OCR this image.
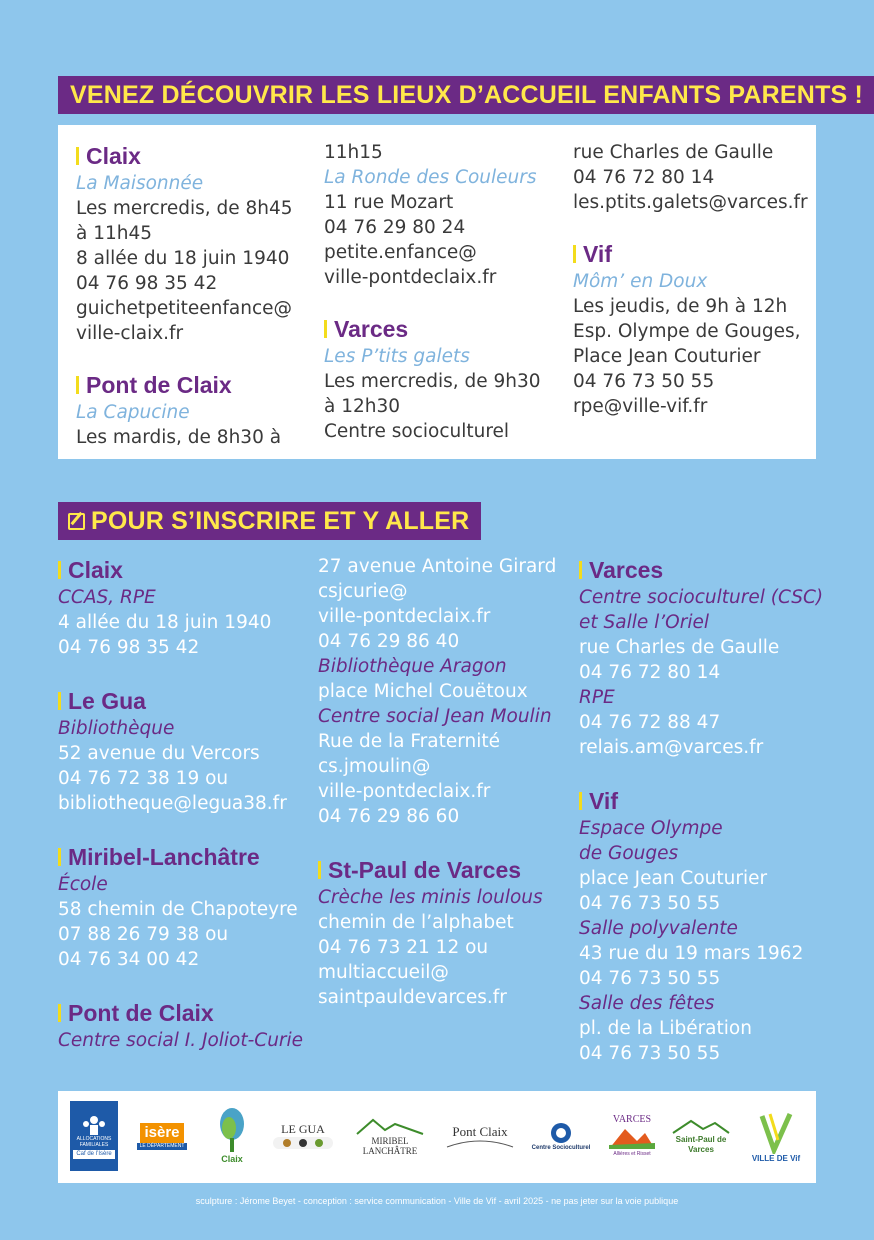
VENEZ DÉCOUVRIR LES LIEUX D’ACCUEIL ENFANTS PARENTS !
Claix
La Maisonnée
Les mercredis, de 8h45
à 11h45
8 allée du 18 juin 1940
04 76 98 35 42
guichetpetiteenfance@
ville-claix.fr
Pont de Claix
La Capucine
Les mardis, de 8h30 à
11h15
La Ronde des Couleurs
11 rue Mozart
04 76 29 80 24
petite.enfance@
ville-pontdeclaix.fr
Varces
Les P’tits galets
Les mercredis, de 9h30
à 12h30
Centre socioculturel
rue Charles de Gaulle
04 76 72 80 14
les.ptits.galets@varces.fr
Vif
Môm’ en Doux
Les jeudis, de 9h à 12h
Esp. Olympe de Gouges,
Place Jean Couturier
04 76 73 50 55
rpe@ville-vif.fr
POUR S’INSCRIRE ET Y ALLER
Claix
CCAS, RPE
4 allée du 18 juin 1940
04 76 98 35 42
Le Gua
Bibliothèque
52 avenue du Vercors
04 76 72 38 19 ou
bibliotheque@legua38.fr
Miribel-Lanchâtre
École
58 chemin de Chapoteyre
07 88 26 79 38 ou
04 76 34 00 42
Pont de Claix
Centre social I. Joliot-Curie
27 avenue Antoine Girard
csjcurie@
ville-pontdeclaix.fr
04 76 29 86 40
Bibliothèque Aragon
place Michel Couëtoux
Centre social Jean Moulin
Rue de la Fraternité
cs.jmoulin@
ville-pontdeclaix.fr
04 76 29 86 60
St-Paul de Varces
Crèche les minis loulous
chemin de l’alphabet
04 76 73 21 12 ou
multiaccueil@
saintpauldevarces.fr
Varces
Centre socioculturel (CSC)
et Salle l’Oriel
rue Charles de Gaulle
04 76 72 80 14
RPE
04 76 72 88 47
relais.am@varces.fr
Vif
Espace Olympe
de Gouges
place Jean Couturier
04 76 73 50 55
Salle polyvalente
43 rue du 19 mars 1962
04 76 73 50 55
Salle des fêtes
pl. de la Libération
04 76 73 50 55
ALLOCATIONS FAMILIALES
Caf de l’Isère
isère
LE DÉPARTEMENT
Claix
LE GUA
MIRIBEL LANCHÂTRE
Pont Claix
Centre Socioculturel
VARCES
Allières et Risset
Saint-Paul de Varces
VILLE DE Vif
sculpture : Jérome Beyet - conception : service communication - Ville de Vif - avril 2025 - ne pas jeter sur la voie publique
